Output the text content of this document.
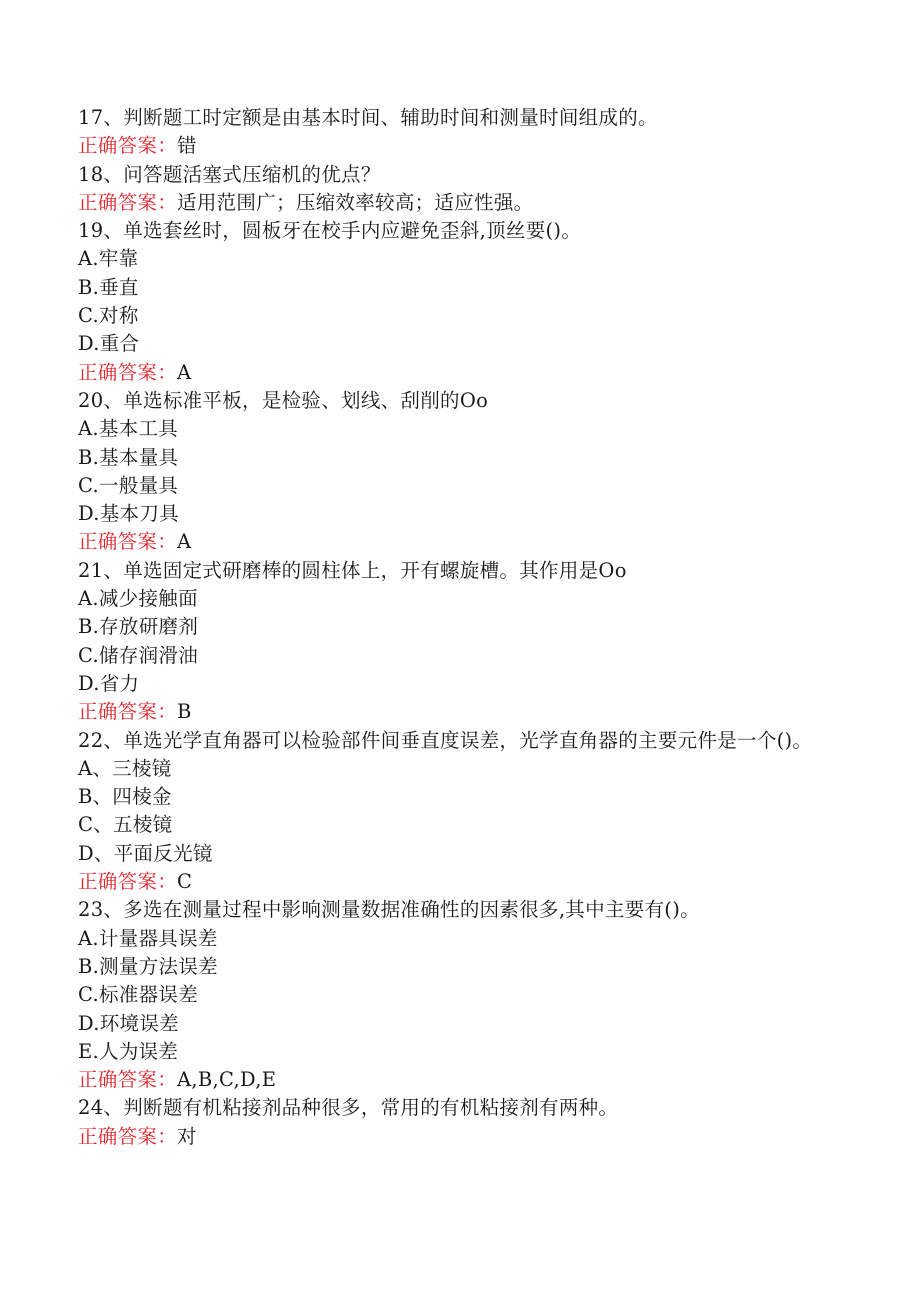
17、判断题工时定额是由基本时间、辅助时间和测量时间组成的。
正确答案：错
18、问答题活塞式压缩机的优点？
正确答案：适用范围广；压缩效率较高；适应性强。
19、单选套丝时，圆板牙在校手内应避免歪斜,顶丝要()。
A.牢靠
B.垂直
C.对称
D.重合
正确答案：A
20、单选标准平板，是检验、划线、刮削的Oo
A.基本工具
B.基本量具
C.一般量具
D.基本刀具
正确答案：A
21、单选固定式研磨棒的圆柱体上，开有螺旋槽。其作用是Oo
A.减少接触面
B.存放研磨剂
C.储存润滑油
D.省力
正确答案：B
22、单选光学直角器可以检验部件间垂直度误差，光学直角器的主要元件是一个()。
A、三棱镜
B、四棱金
C、五棱镜
D、平面反光镜
正确答案：C
23、多选在测量过程中影响测量数据准确性的因素很多,其中主要有()。
A.计量器具误差
B.测量方法误差
C.标准器误差
D.环境误差
E.人为误差
正确答案：A,B,C,D,E
24、判断题有机粘接剂品种很多，常用的有机粘接剂有两种。
正确答案：对
